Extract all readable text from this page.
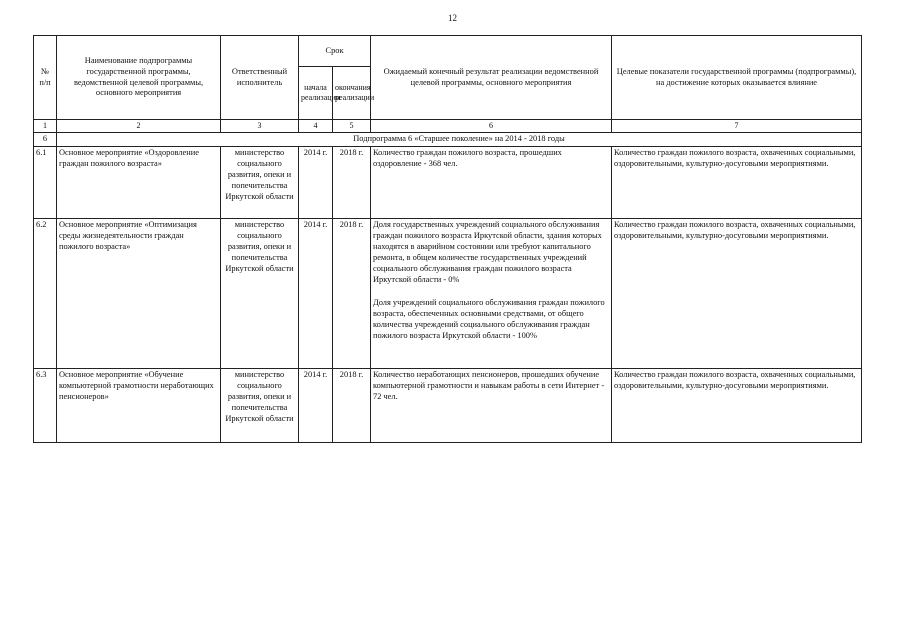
12
№
п/п	Наименование подпрограммы государственной программы, ведомственной целевой программы, основного мероприятия	Ответственный исполнитель	Срок		Ожидаемый конечный результат реализации ведомственной целевой программы, основного мероприятия	Целевые показатели государственной программы (подпрограммы), на достижение которых оказывается влияние
			начала реализации	окончания реализации		
1	2	3	4	5	6	7
6	Подпрограмма 6 «Старшее поколение» на 2014 - 2018 годы					
6.1	Основное мероприятие «Оздоровление граждан пожилого возраста»	министерство социального развития, опеки и попечительства Иркутской области	2014 г.	2018 г.	Количество граждан пожилого возраста, прошедших оздоровление - 368 чел.	Количество граждан пожилого возраста, охваченных социальными, оздоровительными, культурно-досуговыми мероприятиями.
6.2	Основное мероприятие «Оптимизация среды жизнедеятельности граждан пожилого возраста»	министерство социального развития, опеки и попечительства Иркутской области	2014 г.	2018 г.	Доля государственных учреждений социального обслуживания граждан пожилого возраста Иркутской области, здания которых находятся в аварийном состоянии или требуют капитального ремонта, в общем количестве государственных учреждений социального обслуживания граждан пожилого возраста Иркутской области - 0%
Доля учреждений социального обслуживания граждан пожилого возраста, обеспеченных основными средствами, от общего количества учреждений социального обслуживания граждан пожилого возраста Иркутской области - 100%	Количество граждан пожилого возраста, охваченных социальными, оздоровительными, культурно-досуговыми мероприятиями.
6.3	Основное мероприятие «Обучение компьютерной грамотности неработающих пенсионеров»	министерство социального развития, опеки и попечительства Иркутской области	2014 г.	2018 г.	Количество неработающих пенсионеров, прошедших обучение компьютерной грамотности и навыкам работы в сети Интернет - 72 чел.	Количество граждан пожилого возраста, охваченных социальными, оздоровительными, культурно-досуговыми мероприятиями.
